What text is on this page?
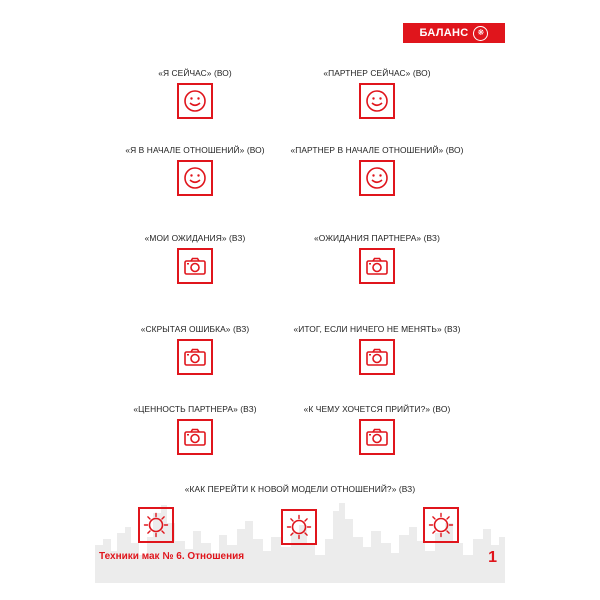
БАЛАНС	❋
«Я СЕЙЧАС» (ВО)	«ПАРТНЕР СЕЙЧАС» (ВО)
«Я В НАЧАЛЕ ОТНОШЕНИЙ» (ВО)	«ПАРТНЕР В НАЧАЛЕ ОТНОШЕНИЙ» (ВО)
«МОИ ОЖИДАНИЯ» (ВЗ)	«ОЖИДАНИЯ ПАРТНЕРА» (ВЗ)
«СКРЫТАЯ ОШИБКА» (ВЗ)	«ИТОГ, ЕСЛИ НИЧЕГО НЕ МЕНЯТЬ» (ВЗ)
«ЦЕННОСТЬ ПАРТНЕРА» (ВЗ)	«К ЧЕМУ ХОЧЕТСЯ ПРИЙТИ?» (ВО)
«КАК ПЕРЕЙТИ К НОВОЙ МОДЕЛИ ОТНОШЕНИЙ?» (ВЗ)
Техники мак № 6. Отношения	1
